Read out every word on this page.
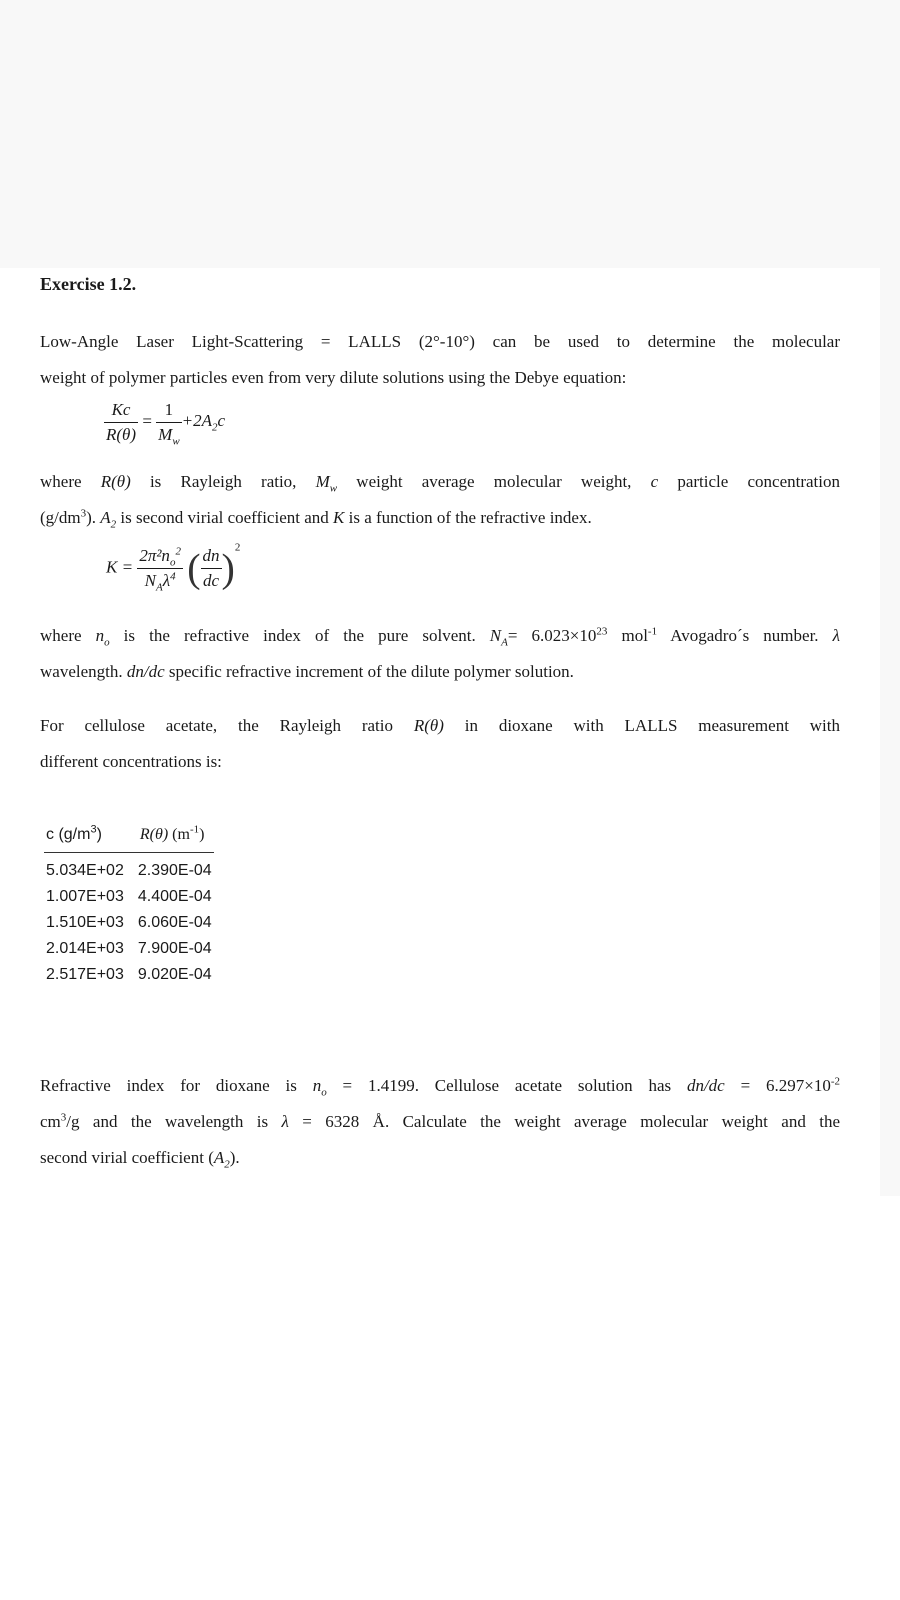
Exercise 1.2.
Low-Angle Laser Light-Scattering = LALLS (2°-10°) can be used to determine the molecular
weight of polymer particles even from very dilute solutions using the Debye equation:
$\frac{Kc}{R(\theta)} = \frac{1}{M_w} +2A_2c$
where R(θ) is Rayleigh ratio, $M_w$ weight average molecular weight, c particle concentration
$(g/dm^3)$. $A_2$ is second virial coefficient and K is a function of the refractive index.
$K = \frac{2\pi^2n_o^2}{N_A\lambda^4}$ ( $\frac{dn}{dc} )^2$
where $n_o$ is the refractive index of the pure solvent. $N_A= 6.023\times 10^{23}$ mol$^{-1}$ Avogadro´s number. λ
wavelength. dn/dc specific refractive increment of the dilute polymer solution.
For cellulose acetate, the Rayleigh ratio R(θ) in dioxane with LALLS measurement with
different concentrations is:
c $(g/m^3)$	R(θ) $(m^{-1})$
5.034E+02	2.390E-04
1.007E+03	4.400E-04
1.510E+03	6.060E-04
2.014E+03	7.900E-04
2.517E+03	9.020E-04
Refractive index for dioxane is $n_o = 1.4199$. Cellulose acetate solution has $dn/dc = 6.297\times 10^{-2}$
$cm^3/g$ and the wavelength is λ = 6328 Å. Calculate the weight average molecular weight and the
second virial coefficient $(A_2)$.
